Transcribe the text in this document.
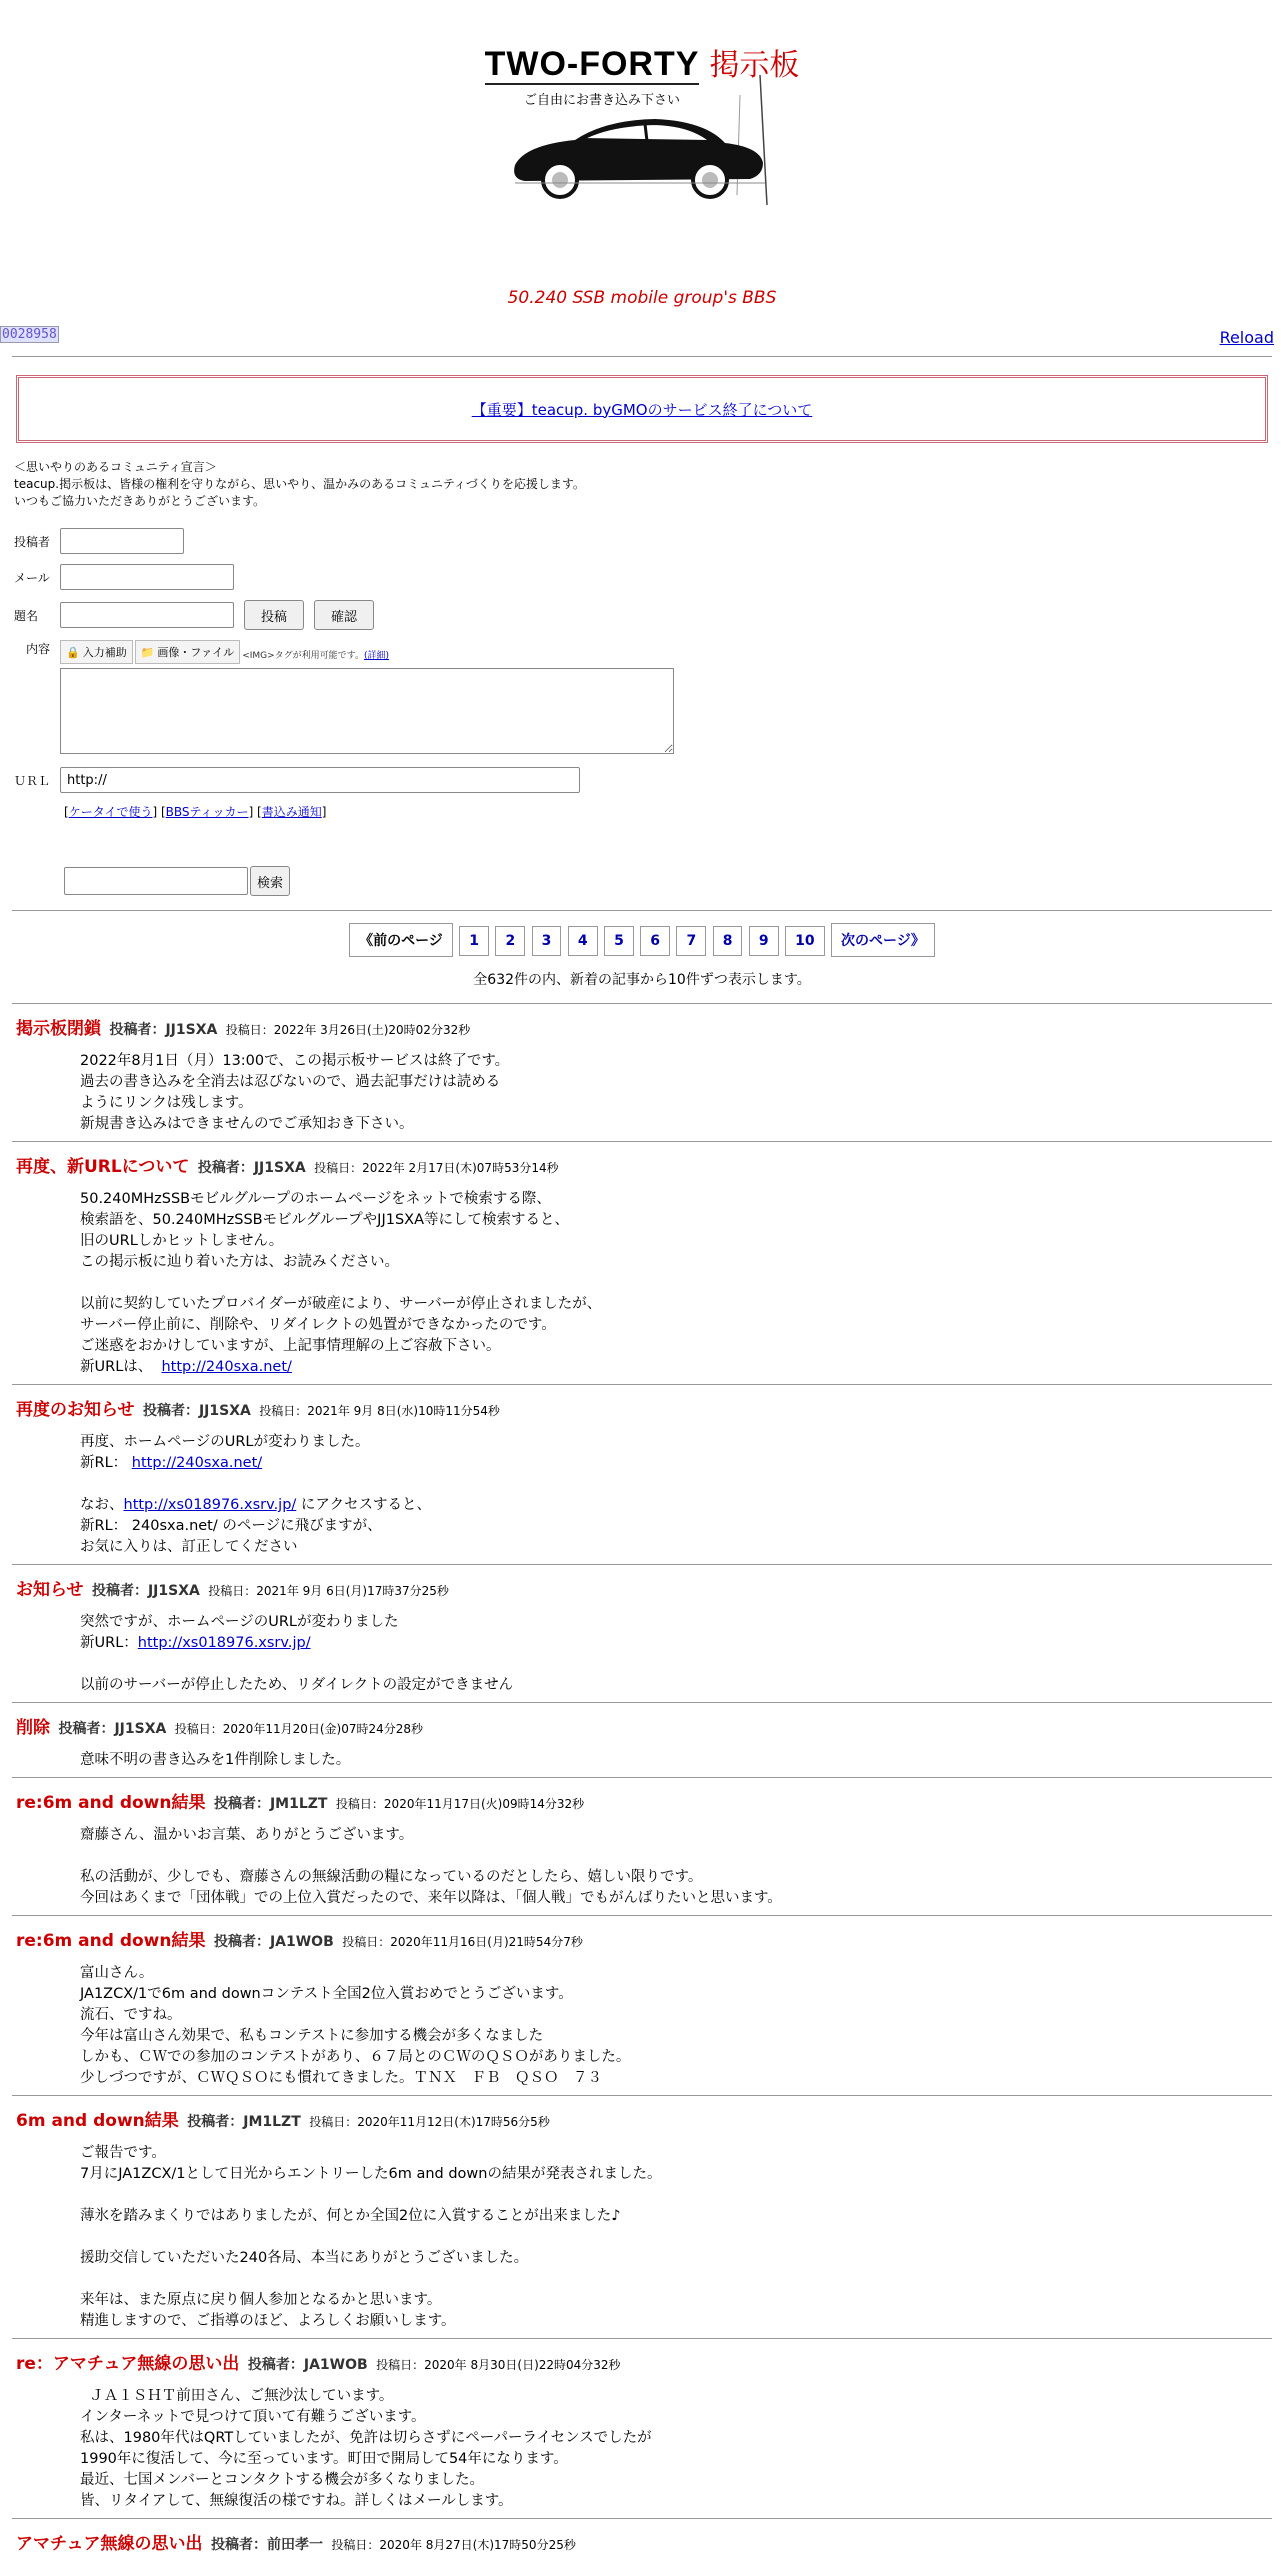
TWO-FORTY 掲示板
ご自由にお書き込み下さい
50.240 SSB mobile group's BBS
0028958	Reload
【重要】teacup. byGMOのサービス終了について
＜思いやりのあるコミュニティ宣言＞
teacup.掲示板は、皆様の権利を守りながら、思いやり、温かみのあるコミュニティづくりを応援します。
いつもご協力いただきありがとうございます。
投稿者
メール
題名	投稿	確認
内容	🔒 入力補助 📁 画像・ファイル <IMG>タグが利用可能です。 (詳細)
ＵＲＬ
http://
[ケータイで使う] [BBSティッカー] [書込み通知]
検索
《前のページ 1 2 3 4 5 6 7 8 9 10 次のページ》
全632件の内、新着の記事から10件ずつ表示します。
掲示板閉鎖 投稿者：JJ1SXA 投稿日：2022年 3月26日(土)20時02分32秒
2022年8月1日（月）13:00で、この掲示板サービスは終了です。
過去の書き込みを全消去は忍びないので、過去記事だけは読める
ようにリンクは残します。
新規書き込みはできませんのでご承知おき下さい。
再度、新URLについて 投稿者：JJ1SXA 投稿日：2022年 2月17日(木)07時53分14秒
50.240MHzSSBモビルグループのホームページをネットで検索する際、
検索語を、50.240MHzSSBモビルグループやJJ1SXA等にして検索すると、
旧のURLしかヒットしません。
この掲示板に辿り着いた方は、お読みください。
以前に契約していたプロバイダーが破産により、サーバーが停止されましたが、
サーバー停止前に、削除や、リダイレクトの処置ができなかったのです。
ご迷惑をおかけしていますが、上記事情理解の上ご容赦下さい。
新URLは、  http://240sxa.net/
再度のお知らせ 投稿者：JJ1SXA 投稿日：2021年 9月 8日(水)10時11分54秒
再度、ホームページのURLが変わりました。
新RL： http://240sxa.net/
なお、http://xs018976.xsrv.jp/ にアクセスすると、
新RL： 240sxa.net/ のページに飛びますが、
お気に入りは、訂正してください
お知らせ 投稿者：JJ1SXA 投稿日：2021年 9月 6日(月)17時37分25秒
突然ですが、ホームページのURLが変わりました
新URL：http://xs018976.xsrv.jp/
以前のサーバーが停止したため、リダイレクトの設定ができません
削除 投稿者：JJ1SXA 投稿日：2020年11月20日(金)07時24分28秒
意味不明の書き込みを1件削除しました。
re:6m and down結果 投稿者：JM1LZT 投稿日：2020年11月17日(火)09時14分32秒
齋藤さん、温かいお言葉、ありがとうございます。
私の活動が、少しでも、齋藤さんの無線活動の糧になっているのだとしたら、嬉しい限りです。
今回はあくまで「団体戦」での上位入賞だったので、来年以降は、「個人戦」でもがんばりたいと思います。
re:6m and down結果 投稿者：JA1WOB 投稿日：2020年11月16日(月)21時54分7秒
富山さん。
JA1ZCX/1で6m and downコンテスト全国2位入賞おめでとうございます。
流石、ですね。
今年は富山さん効果で、私もコンテストに参加する機会が多くなました
しかも、ＣＷでの参加のコンテストがあり、６７局とのＣＷのＱＳＯがありました。
少しづつですが、ＣＷＱＳＯにも慣れてきました。ＴＮＸ　ＦＢ　ＱＳＯ　７３
6m and down結果 投稿者：JM1LZT 投稿日：2020年11月12日(木)17時56分5秒
ご報告です。
7月にJA1ZCX/1として日光からエントリーした6m and downの結果が発表されました。
薄氷を踏みまくりではありましたが、何とか全国2位に入賞することが出来ました♪
援助交信していただいた240各局、本当にありがとうございました。
来年は、また原点に戻り個人参加となるかと思います。
精進しますので、ご指導のほど、よろしくお願いします。
re：アマチュア無線の思い出 投稿者：JA1WOB 投稿日：2020年 8月30日(日)22時04分32秒
ＪＡ１ＳＨＴ前田さん、ご無沙汰しています。
インターネットで見つけて頂いて有難うございます。
私は、1980年代はQRTしていましたが、免許は切らさずにペーパーライセンスでしたが
1990年に復活して、今に至っています。町田で開局して54年になります。
最近、七国メンバーとコンタクトする機会が多くなりました。
皆、リタイアして、無線復活の様ですね。詳しくはメールします。
アマチュア無線の思い出 投稿者：前田孝一 投稿日：2020年 8月27日(木)17時50分25秒
